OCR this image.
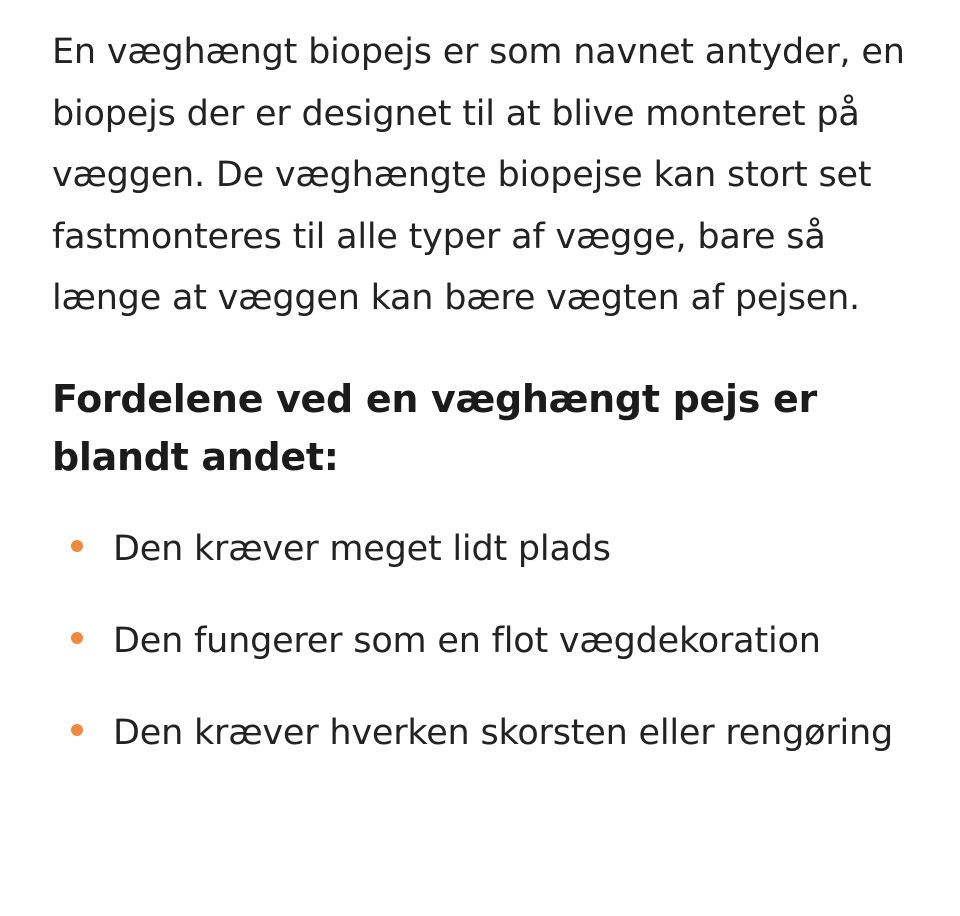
En væghængt biopejs er som navnet antyder, en biopejs der er designet til at blive monteret på væggen. De væghængte biopejse kan stort set fastmonteres til alle typer af vægge, bare så længe at væggen kan bære vægten af pejsen.

Fordelene ved en væghængt pejs er blandt andet:
Den kræver meget lidt plads
Den fungerer som en flot vægdekoration
Den kræver hverken skorsten eller rengøring
